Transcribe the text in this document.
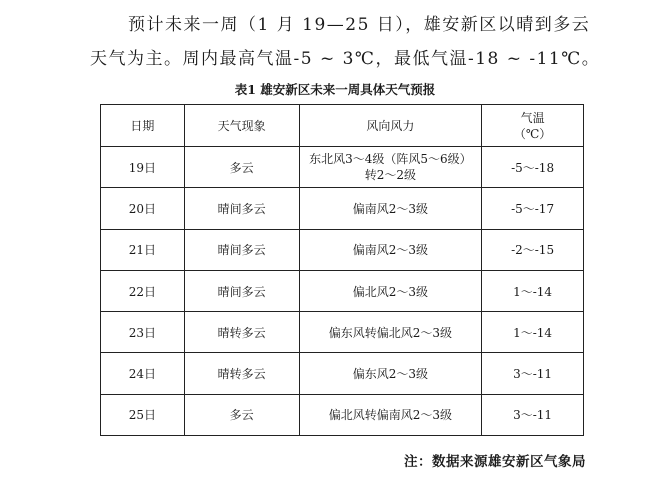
预计未来一周（1 月 19—25 日），雄安新区以晴到多云
天气为主。周内最高气温-5 ~ 3℃，最低气温-18 ~ -11℃。
表1 雄安新区未来一周具体天气预报
日期	天气现象	风向风力	气温
（℃）

19日	多云	东北风3～4级（阵风5～6级）
转2～2级	-5～-18
20日	晴间多云	偏南风2～3级	-5～-17
21日	晴间多云	偏南风2～3级	-2～-15
22日	晴间多云	偏北风2～3级	1～-14
23日	晴转多云	偏东风转偏北风2～3级	1～-14
24日	晴转多云	偏东风2～3级	3～-11
25日	多云	偏北风转偏南风2～3级	3～-11
注：数据来源雄安新区气象局
